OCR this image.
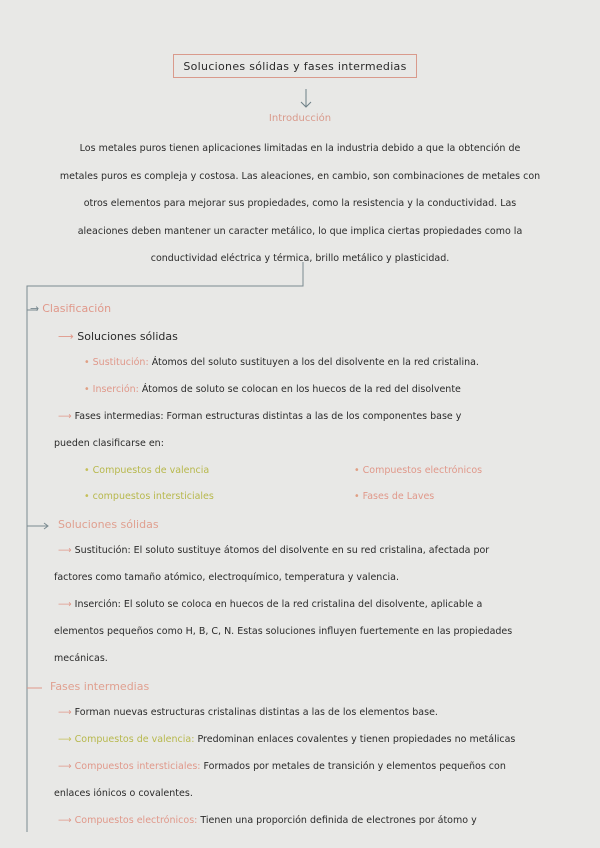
Soluciones sólidas y fases intermedias
Introducción
Los metales puros tienen aplicaciones limitadas en la industria debido a que la obtención de
metales puros es compleja y costosa. Las aleaciones, en cambio, son combinaciones de metales con
otros elementos para mejorar sus propiedades, como la resistencia y la conductividad. Las
aleaciones deben mantener un caracter metálico, lo que implica ciertas propiedades como la
conductividad eléctrica y térmica, brillo metálico y plasticidad.
→ Clasificación
⟶ Soluciones sólidas
• Sustitución: Átomos del soluto sustituyen a los del disolvente en la red cristalina.
• Inserción: Átomos de soluto se colocan en los huecos de la red del disolvente
⟶ Fases intermedias: Forman estructuras distintas a las de los componentes base y
pueden clasificarse en:
• Compuestos de valencia	• Compuestos electrónicos
• compuestos intersticiales	• Fases de Laves
Soluciones sólidas
⟶ Sustitución: El soluto sustituye átomos del disolvente en su red cristalina, afectada por
factores como tamaño atómico, electroquímico, temperatura y valencia.
⟶ Inserción: El soluto se coloca en huecos de la red cristalina del disolvente, aplicable a
elementos pequeños como H, B, C, N. Estas soluciones influyen fuertemente en las propiedades
mecánicas.
Fases intermedias
⟶ Forman nuevas estructuras cristalinas distintas a las de los elementos base.
⟶ Compuestos de valencia: Predominan enlaces covalentes y tienen propiedades no metálicas
⟶ Compuestos intersticiales: Formados por metales de transición y elementos pequeños con
enlaces iónicos o covalentes.
⟶ Compuestos electrónicos: Tienen una proporción definida de electrones por átomo y
